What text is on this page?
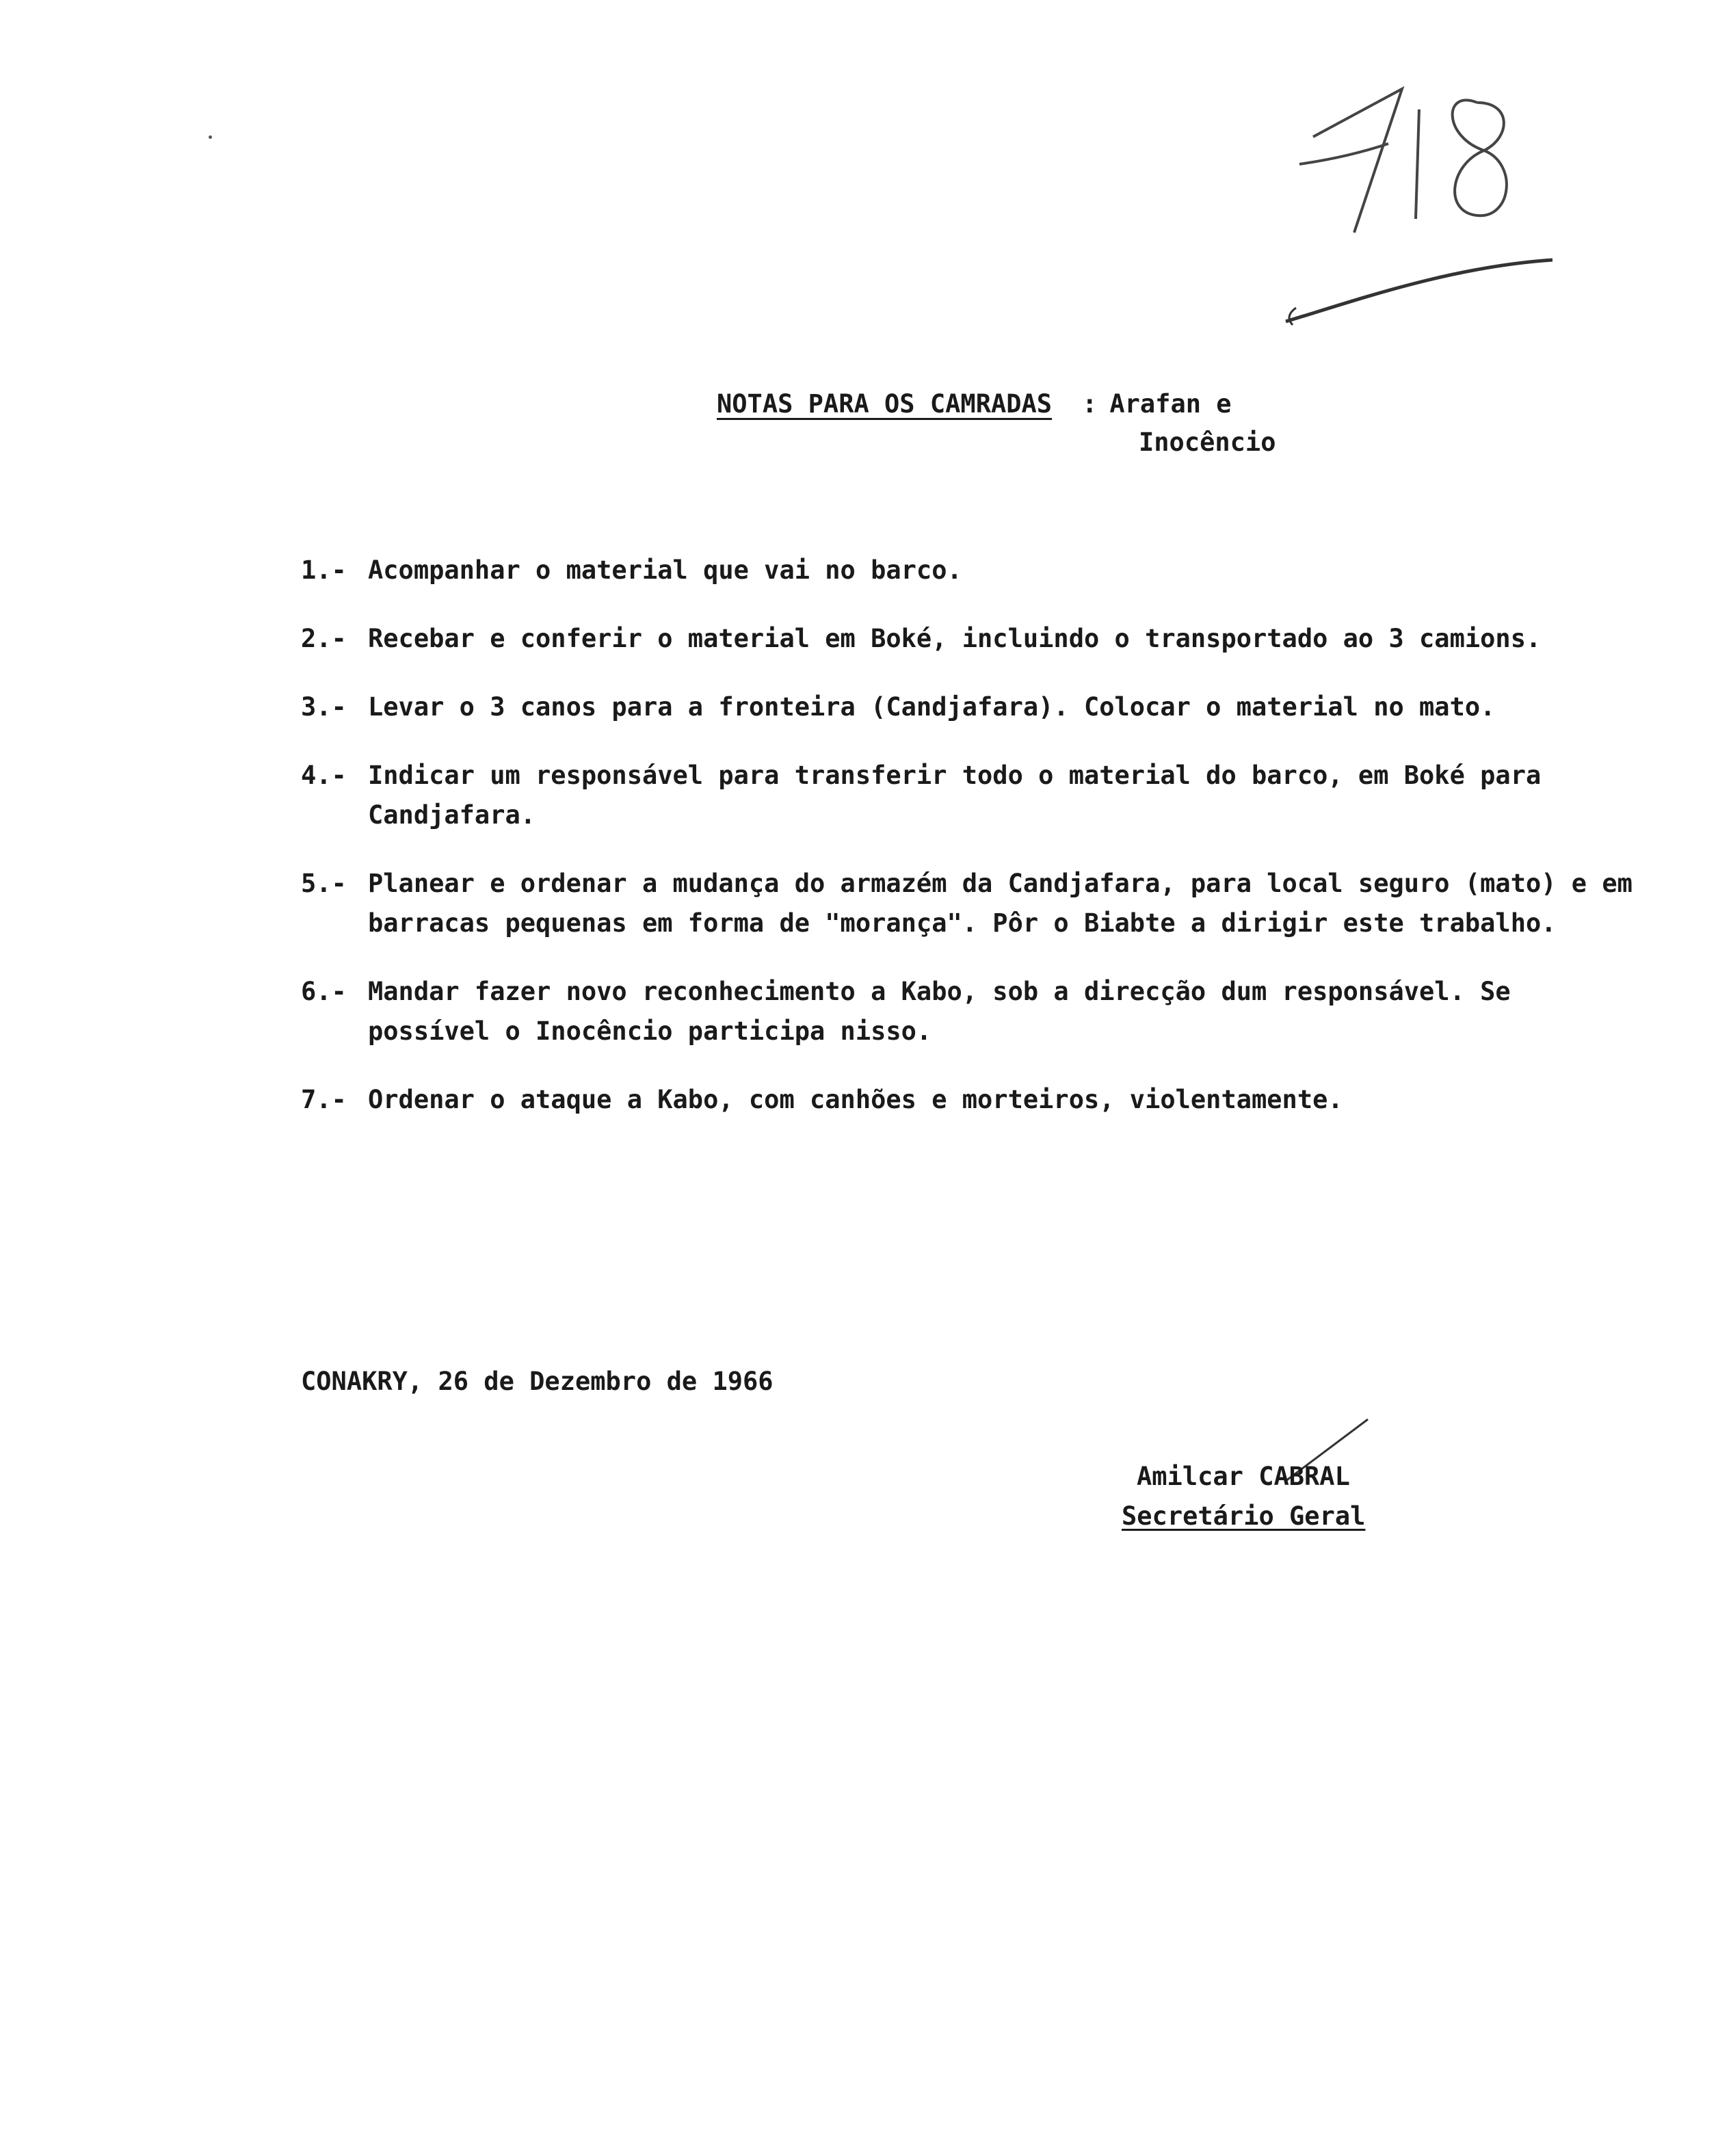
NOTAS PARA OS CAMRADAS : Arafan e
Inocêncio
1.- Acompanhar o material que vai no barco.
2.- Recebar e conferir o material em Boké, incluindo o transportado ao 3 camions.
3.- Levar o 3 canos para a fronteira (Candjafara). Colocar o material no mato.
4.- Indicar um responsável para transferir todo o material do barco, em Boké para Candjafara.
5.- Planear e ordenar a mudança do armazém da Candjafara, para local seguro (mato) e em barracas pequenas em forma de "morança". Pôr o Biabte a dirigir este trabalho.
6.- Mandar fazer novo reconhecimento a Kabo, sob a direcção dum responsável. Se possível o Inocêncio participa nisso.
7.- Ordenar o ataque a Kabo, com canhões e morteiros, violentamente.
CONAKRY, 26 de Dezembro de 1966
Amilcar CABRAL
Secretário Geral
